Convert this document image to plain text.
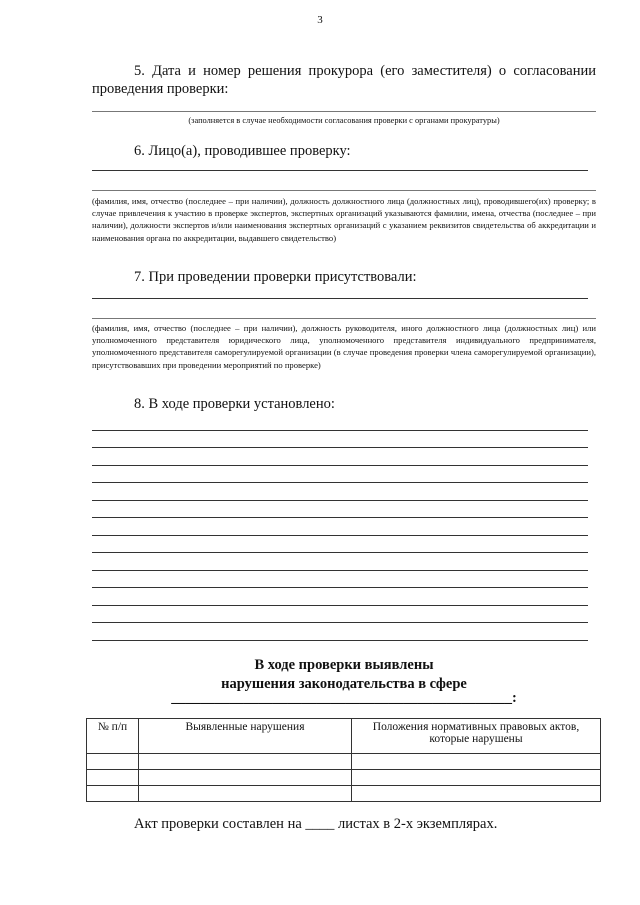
3
5. Дата и номер решения прокурора (его заместителя) о согласовании проведения проверки:
(заполняется в случае необходимости согласования проверки с органами прокуратуры)
6. Лицо(а), проводившее проверку:
(фамилия, имя, отчество (последнее – при наличии), должность должностного лица (должностных лиц), проводившего(их) проверку; в случае привлечения к участию в проверке экспертов, экспертных организаций указываются фамилии, имена, отчества (последнее – при наличии), должности экспертов и/или наименования экспертных организаций с указанием реквизитов свидетельства об аккредитации и наименования органа по аккредитации, выдавшего свидетельство)
7. При проведении проверки присутствовали:
(фамилия, имя, отчество (последнее – при наличии), должность руководителя, иного должностного лица (должностных лиц) или уполномоченного представителя юридического лица, уполномоченного представителя индивидуального предпринимателя, уполномоченного представителя саморегулируемой организации (в случае проведения проверки члена саморегулируемой организации), присутствовавших при проведении мероприятий по проверке)
8. В ходе проверки установлено:
В ходе проверки выявлены
нарушения законодательства в сфере
_______________________________________________:
№ п/п	Выявленные нарушения	Положения нормативных правовых актов, которые нарушены

Акт проверки составлен на ____ листах в 2-х экземплярах.
